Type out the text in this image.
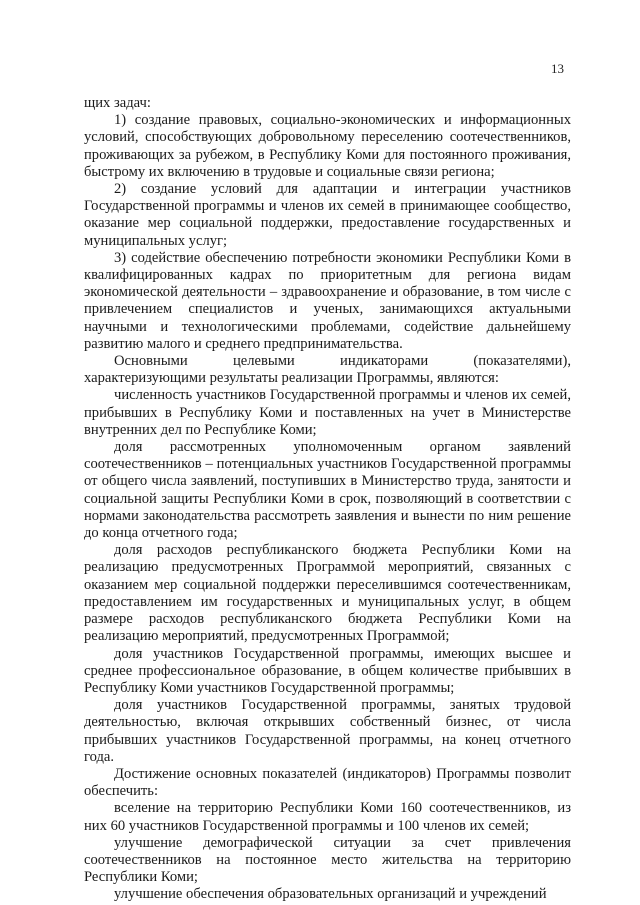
13

щих задач:

1) создание правовых, социально-экономических и информационных условий, способствующих добровольному переселению соотечественников, проживающих за рубежом, в Республику Коми для постоянного проживания, быстрому их включению в трудовые и социальные связи региона;

2) создание условий для адаптации и интеграции участников Государственной программы и членов их семей в принимающее сообщество, оказание мер социальной поддержки, предоставление государственных и муниципальных услуг;

3) содействие обеспечению потребности экономики Республики Коми в квалифицированных кадрах по приоритетным для региона видам экономической деятельности – здравоохранение и образование, в том числе с привлечением специалистов и ученых, занимающихся актуальными научными и технологическими проблемами, содействие дальнейшему развитию малого и среднего предпринимательства.

Основными целевыми индикаторами (показателями), характеризующими результаты реализации Программы, являются:

численность участников Государственной программы и членов их семей, прибывших в Республику Коми и поставленных на учет в Министерстве внутренних дел по Республике Коми;

доля рассмотренных уполномоченным органом заявлений соотечественников – потенциальных участников Государственной программы от общего числа заявлений, поступивших в Министерство труда, занятости и социальной защиты Республики Коми в срок, позволяющий в соответствии с нормами законодательства рассмотреть заявления и вынести по ним решение до конца отчетного года;

доля расходов республиканского бюджета Республики Коми на реализацию предусмотренных Программой мероприятий, связанных с оказанием мер социальной поддержки переселившимся соотечественникам, предоставлением им государственных и муниципальных услуг, в общем размере расходов республиканского бюджета Республики Коми на реализацию мероприятий, предусмотренных Программой;

доля участников Государственной программы, имеющих высшее и среднее профессиональное образование, в общем количестве прибывших в Республику Коми участников Государственной программы;

доля участников Государственной программы, занятых трудовой деятельностью, включая открывших собственный бизнес, от числа прибывших участников Государственной программы, на конец отчетного года.

Достижение основных показателей (индикаторов) Программы позволит обеспечить:

вселение на территорию Республики Коми 160 соотечественников, из них 60 участников Государственной программы и 100 членов их семей;

улучшение демографической ситуации за счет привлечения соотечественников на постоянное место жительства на территорию Республики Коми;

улучшение обеспечения образовательных организаций и учреждений
